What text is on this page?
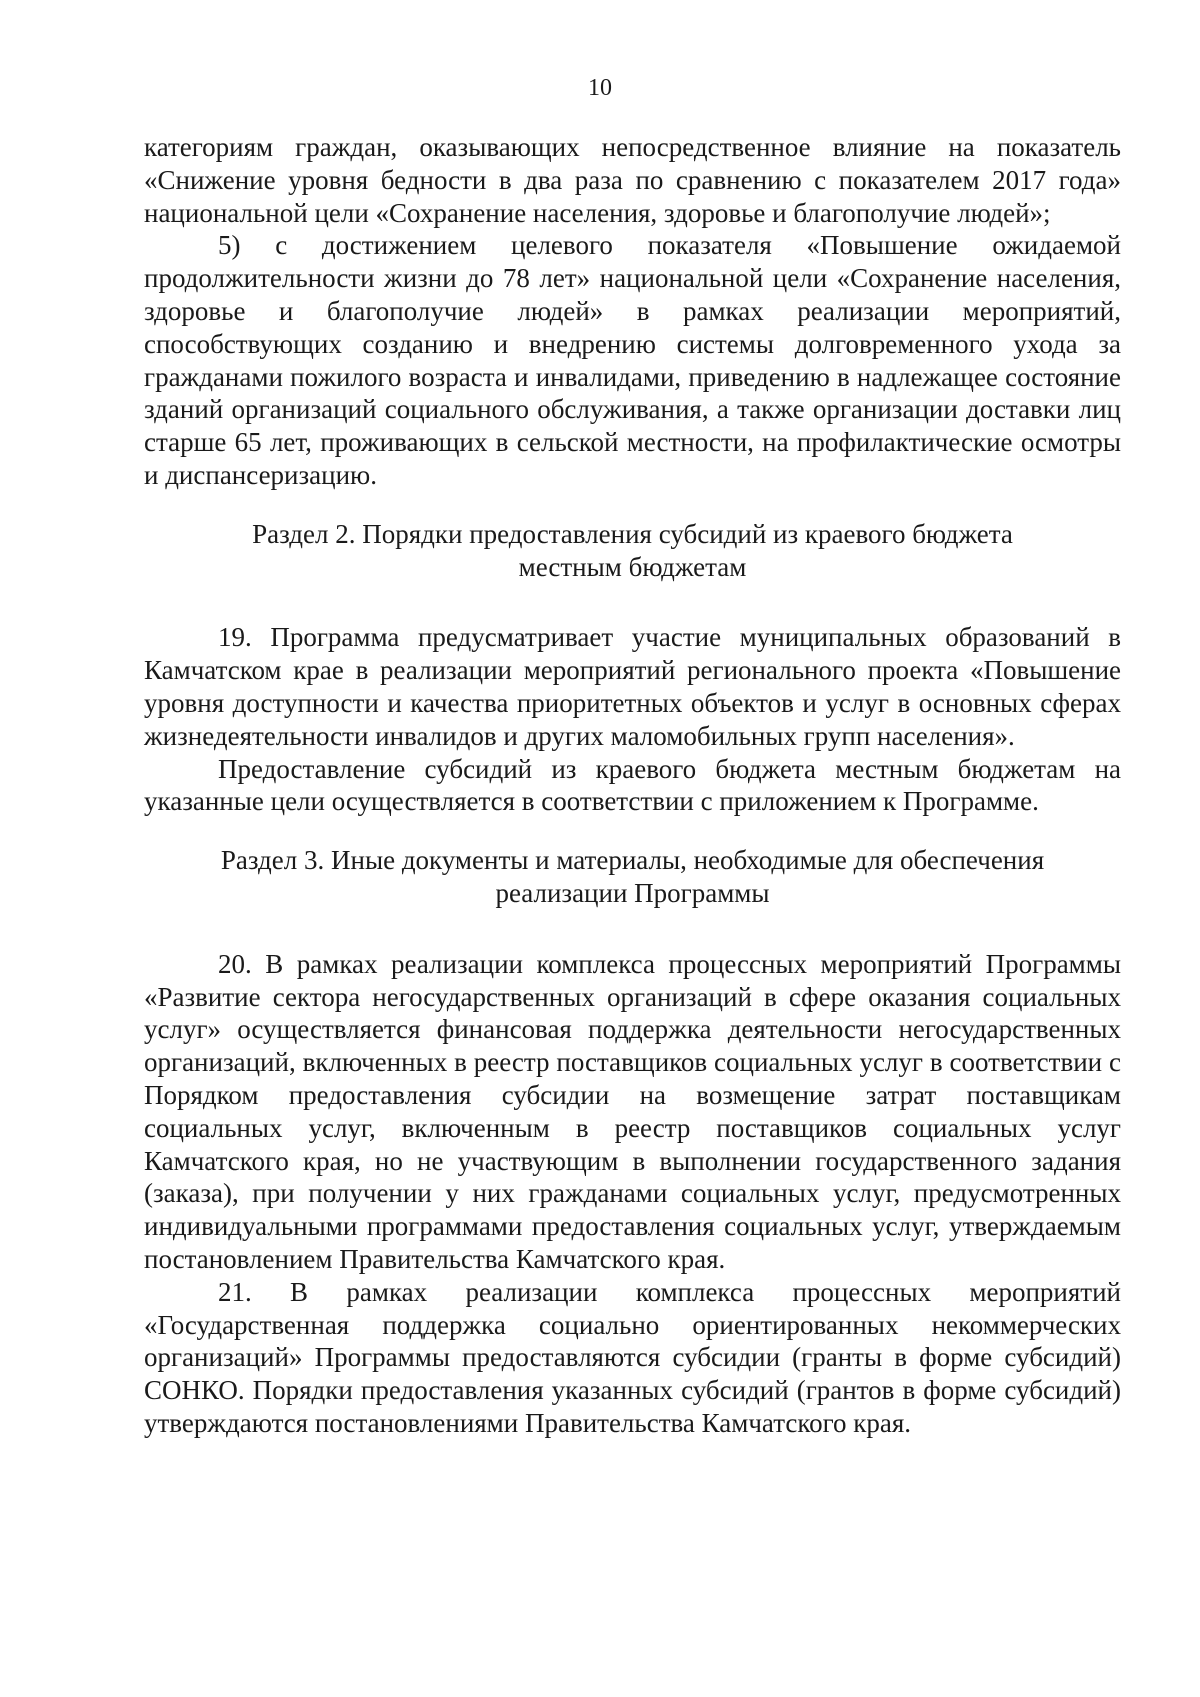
10

категориям граждан, оказывающих непосредственное влияние на показатель «Снижение уровня бедности в два раза по сравнению с показателем 2017 года» национальной цели «Сохранение населения, здоровье и благополучие людей»;

5) с достижением целевого показателя «Повышение ожидаемой продолжительности жизни до 78 лет» национальной цели «Сохранение населения, здоровье и благополучие людей» в рамках реализации мероприятий, способствующих созданию и внедрению системы долговременного ухода за гражданами пожилого возраста и инвалидами, приведению в надлежащее состояние зданий организаций социального обслуживания, а также организации доставки лиц старше 65 лет, проживающих в сельской местности, на профилактические осмотры и диспансеризацию.

Раздел 2. Порядки предоставления субсидий из краевого бюджета
местным бюджетам

19. Программа предусматривает участие муниципальных образований в Камчатском крае в реализации мероприятий регионального проекта «Повышение уровня доступности и качества приоритетных объектов и услуг в основных сферах жизнедеятельности инвалидов и других маломобильных групп населения».

Предоставление субсидий из краевого бюджета местным бюджетам на указанные цели осуществляется в соответствии с приложением к Программе.

Раздел 3. Иные документы и материалы, необходимые для обеспечения
реализации Программы

20. В рамках реализации комплекса процессных мероприятий Программы «Развитие сектора негосударственных организаций в сфере оказания социальных услуг» осуществляется финансовая поддержка деятельности негосударственных организаций, включенных в реестр поставщиков социальных услуг в соответствии с Порядком предоставления субсидии на возмещение затрат поставщикам социальных услуг, включенным в реестр поставщиков социальных услуг Камчатского края, но не участвующим в выполнении государственного задания (заказа), при получении у них гражданами социальных услуг, предусмотренных индивидуальными программами предоставления социальных услуг, утверждаемым постановлением Правительства Камчатского края.

21. В рамках реализации комплекса процессных мероприятий «Государственная поддержка социально ориентированных некоммерческих организаций» Программы предоставляются субсидии (гранты в форме субсидий) СОНКО. Порядки предоставления указанных субсидий (грантов в форме субсидий) утверждаются постановлениями Правительства Камчатского края.
